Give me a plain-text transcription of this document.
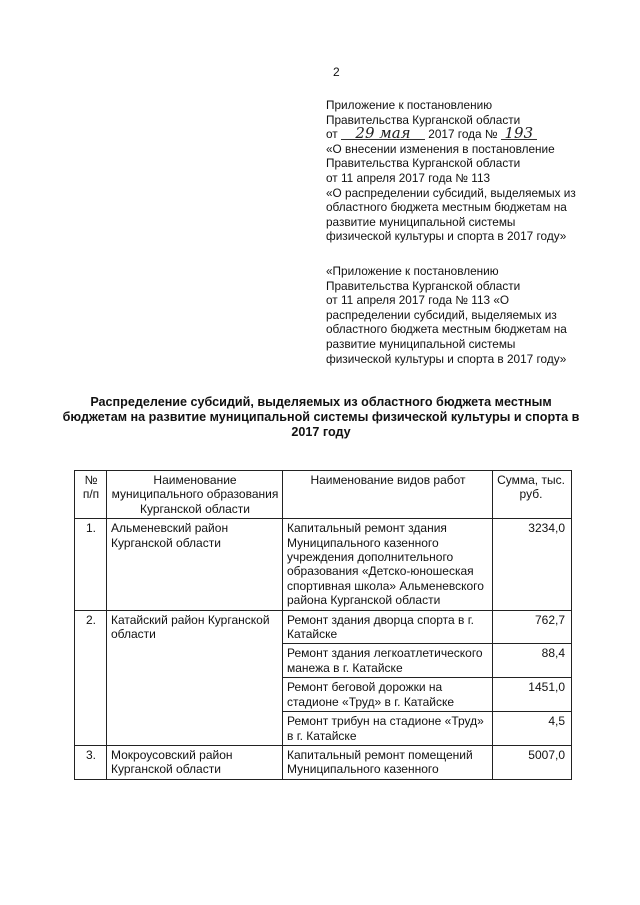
2
Приложение к постановлению
Правительства Курганской области
от 29 мая 2017 года № 193
«О внесении изменения в постановление
Правительства Курганской области
от 11 апреля 2017 года № 113
«О распределении субсидий, выделяемых из
областного бюджета местным бюджетам на
развитие муниципальной системы
физической культуры и спорта в 2017 году»
«Приложение к постановлению
Правительства Курганской области
от 11 апреля 2017 года № 113 «О
распределении субсидий, выделяемых из
областного бюджета местным бюджетам на
развитие муниципальной системы
физической культуры и спорта в 2017 году»
Распределение субсидий, выделяемых из областного бюджета местным
бюджетам на развитие муниципальной системы физической культуры и спорта в
2017 году
№ п/п	Наименование муниципального образования Курганской области	Наименование видов работ	Сумма, тыс. руб.
1.	Альменевский район Курганской области	Капитальный ремонт здания Муниципального казенного учреждения дополнительного образования «Детско-юношеская спортивная школа» Альменевского района Курганской области	3234,0
2.	Катайский район Курганской области	Ремонт здания дворца спорта в г. Катайске	762,7
		Ремонт здания легкоатлетического манежа в г. Катайске	88,4
		Ремонт беговой дорожки на стадионе «Труд» в г. Катайске	1451,0
		Ремонт трибун на стадионе «Труд» в г. Катайске	4,5
3.	Мокроусовский район Курганской области	Капитальный ремонт помещений Муниципального казенного	5007,0
